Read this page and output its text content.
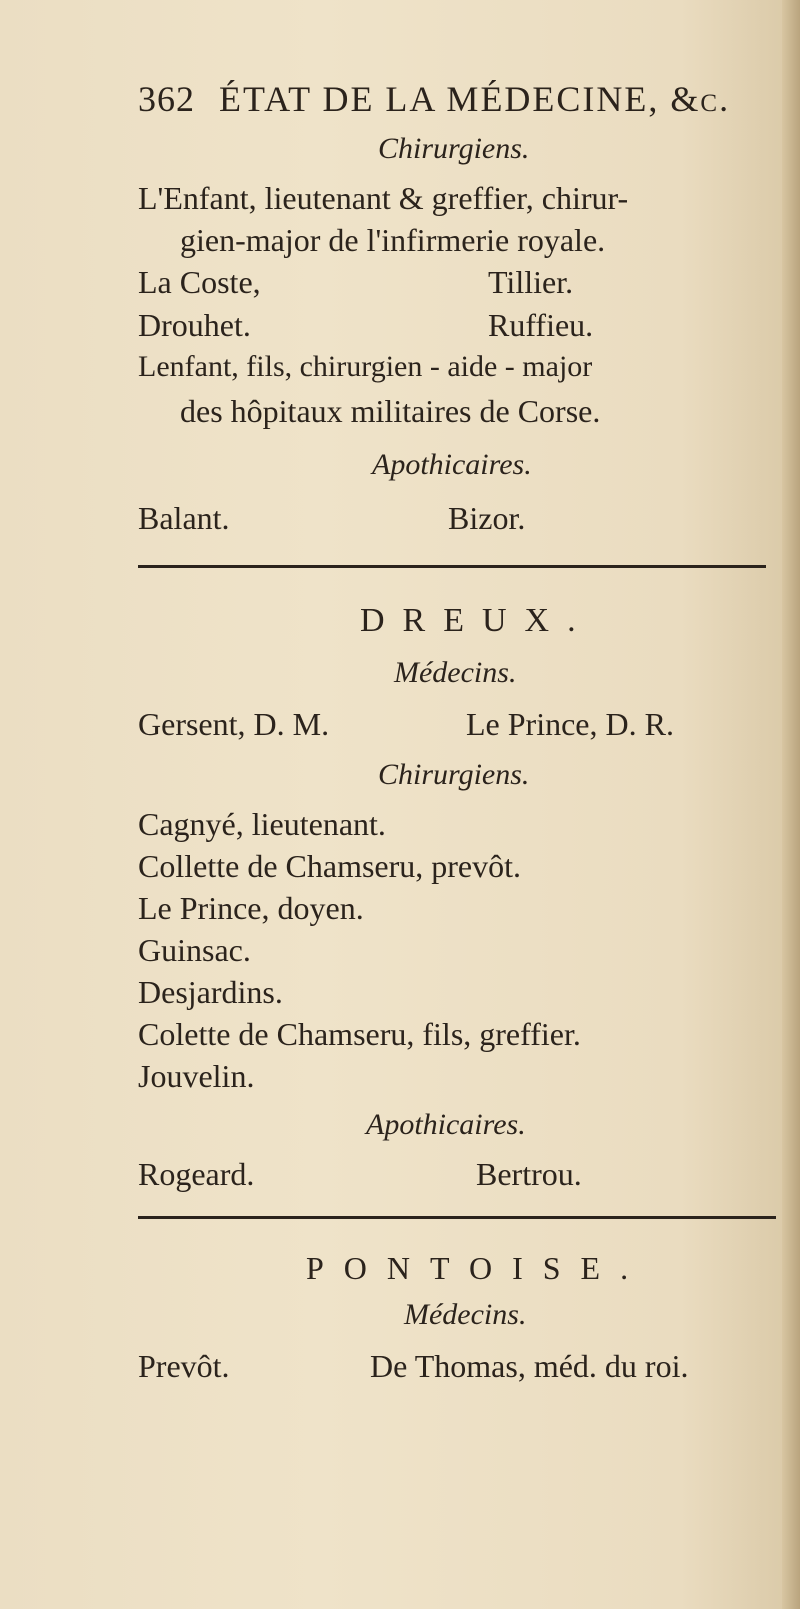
362 ÉTAT DE LA MÉDECINE, &c.
Chirurgiens.
L'Enfant, lieutenant & greffier, chirur-
gien-major de l'infirmerie royale.
La Coste,	Tillier.
Drouhet.	Ruffieu.
Lenfant, fils, chirurgien - aide - major
des hôpitaux militaires de Corse.
Apothicaires.
Balant.	Bizor.
DREUX.
Médecins.
Gersent, D. M.	Le Prince, D. R.
Chirurgiens.
Cagnyé, lieutenant.
Collette de Chamseru, prevôt.
Le Prince, doyen.
Guinsac.
Desjardins.
Colette de Chamseru, fils, greffier.
Jouvelin.
Apothicaires.
Rogeard.	Bertrou.
PONTOISE.
Médecins.
Prevôt.	De Thomas, méd. du roi.
